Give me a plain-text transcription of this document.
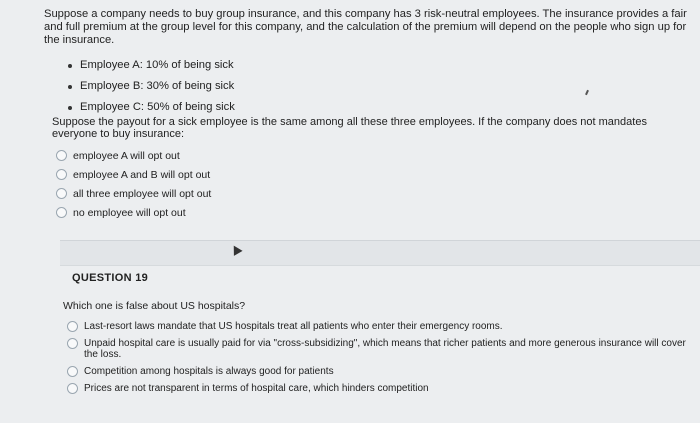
Suppose a company needs to buy group insurance, and this company has 3 risk-neutral employees. The insurance provides a fair and full premium at the group level for this company, and the calculation of the premium will depend on the people who sign up for the insurance.

Employee A: 10% of being sick
Employee B: 30% of being sick
Employee C: 50% of being sick
Suppose the payout for a sick employee is the same among all these three employees. If the company does not mandates everyone to buy insurance:
employee A will opt out
employee A and B will opt out
all three employee will opt out
no employee will opt out
QUESTION 19
Which one is false about US hospitals?
Last-resort laws mandate that US hospitals treat all patients who enter their emergency rooms.
Unpaid hospital care is usually paid for via "cross-subsidizing", which means that richer patients and more generous insurance will cover the loss.
Competition among hospitals is always good for patients
Prices are not transparent in terms of hospital care, which hinders competition
